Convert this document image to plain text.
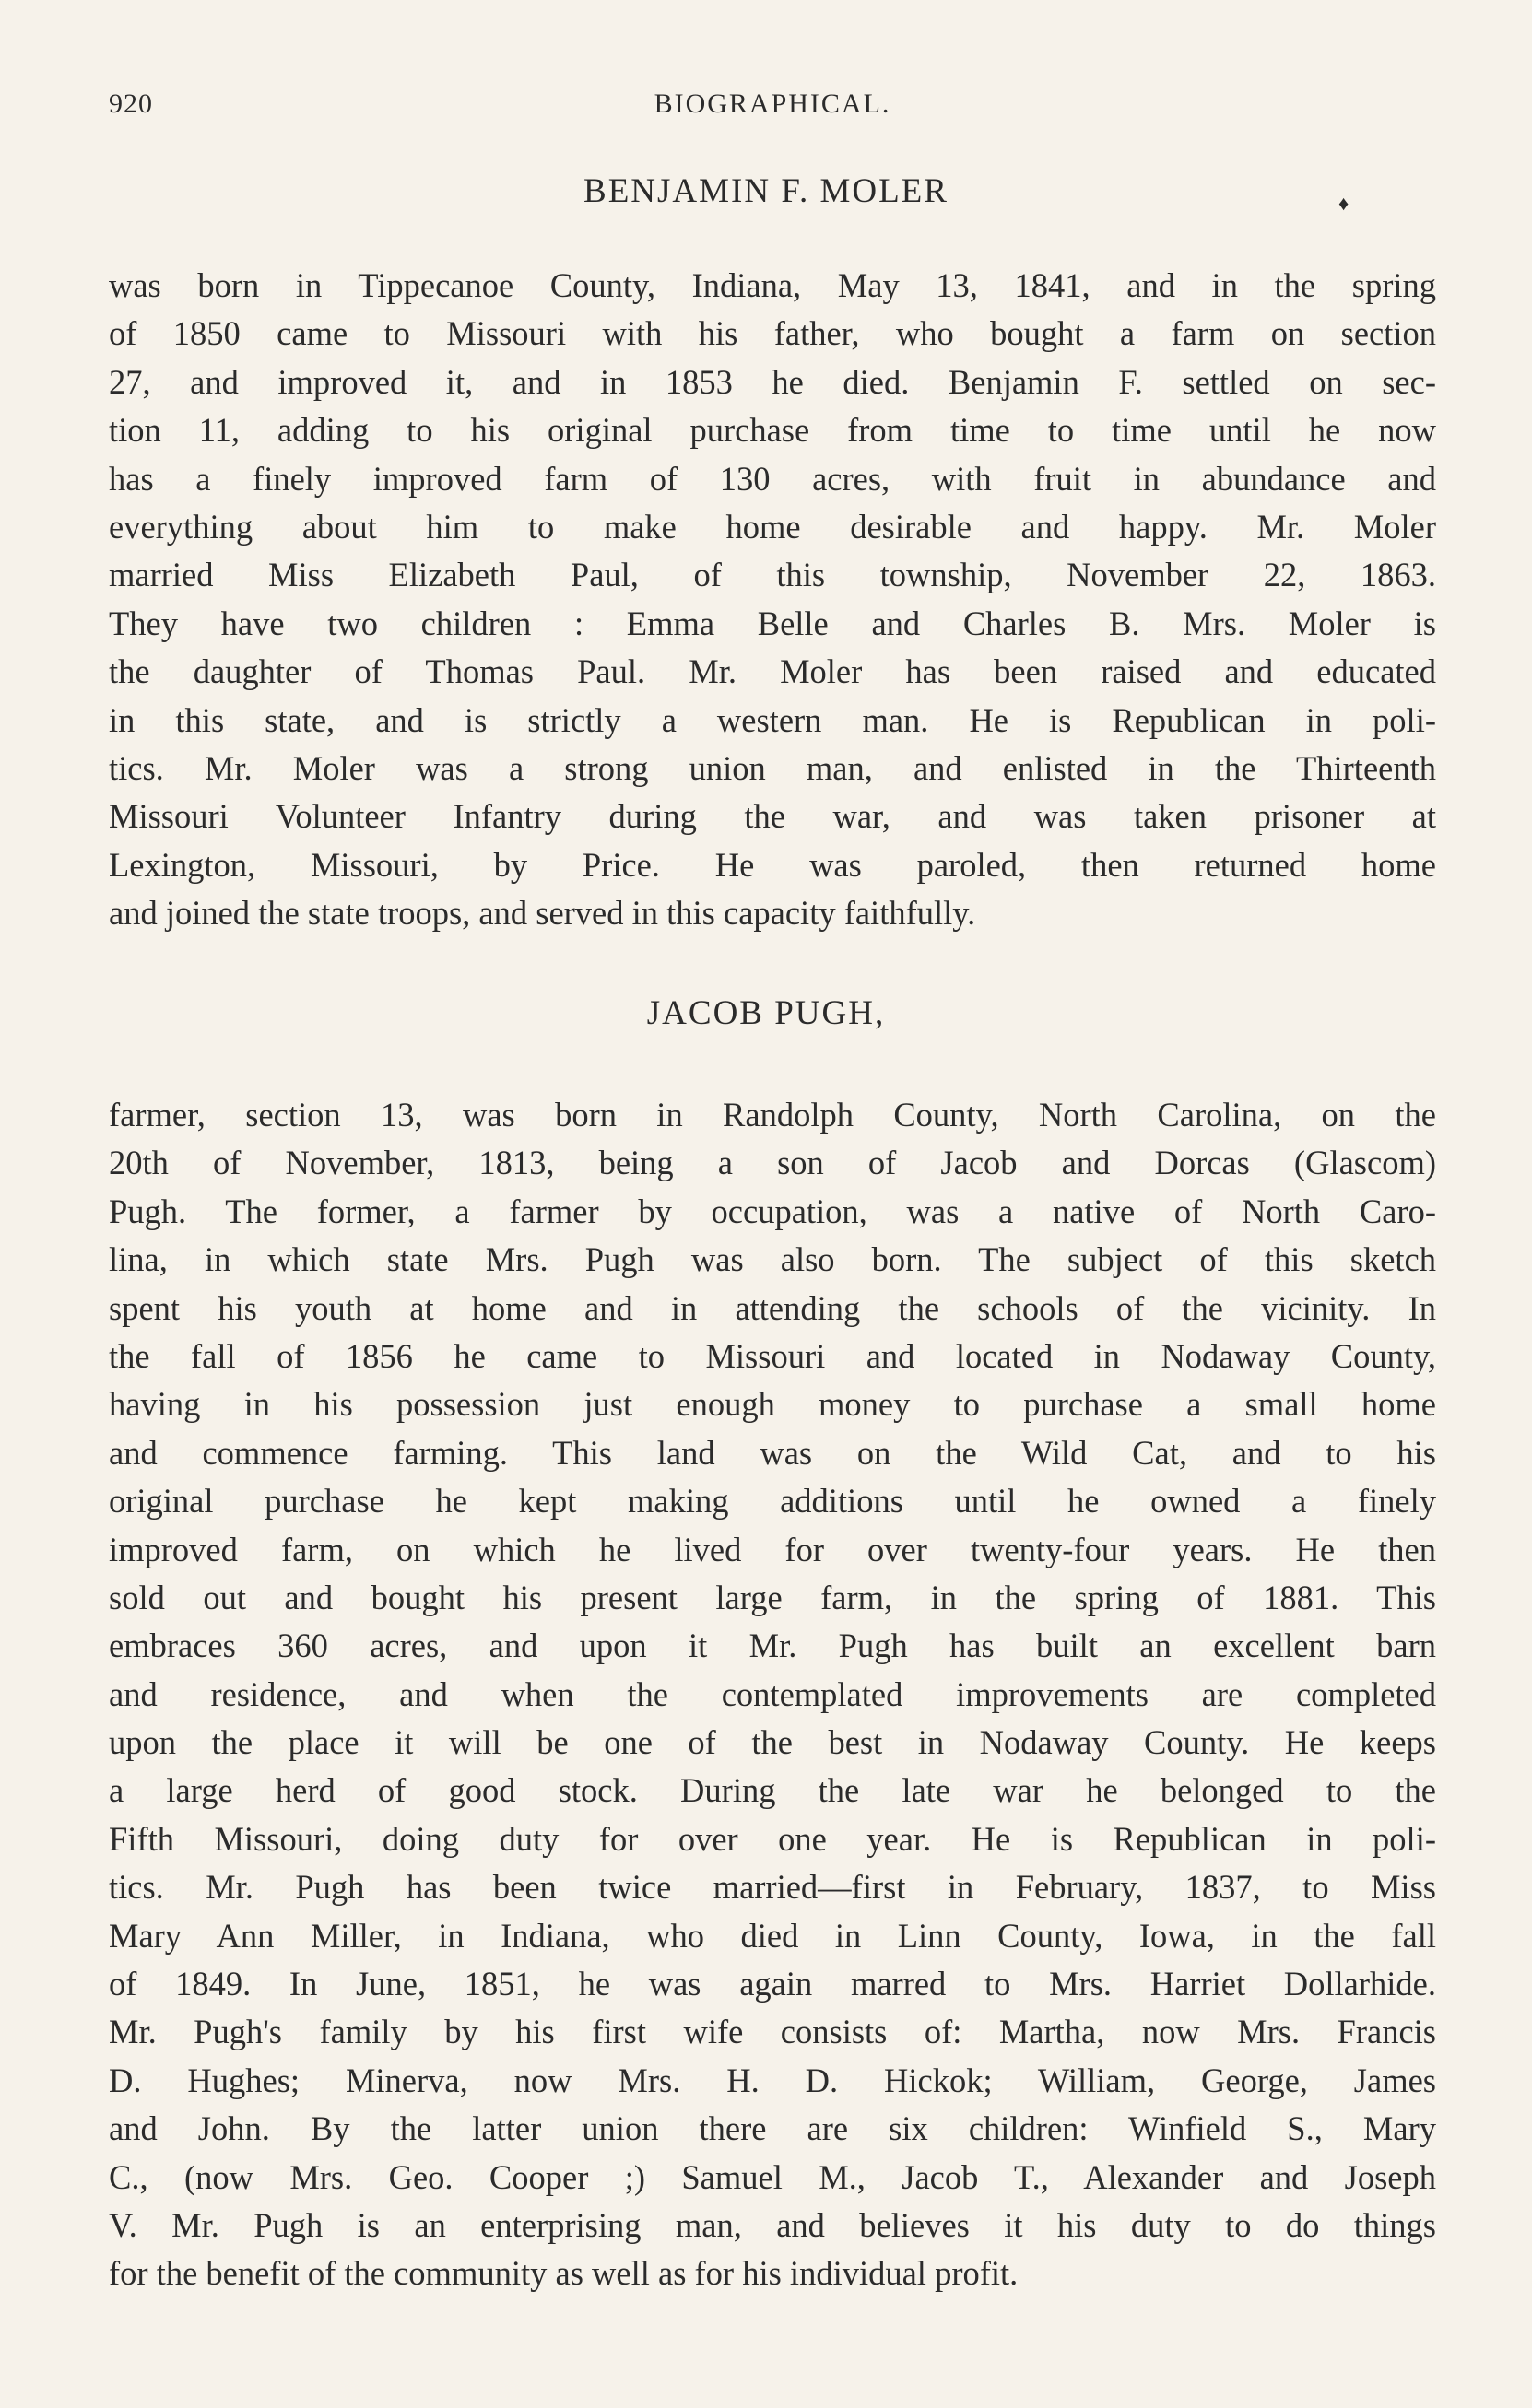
920	BIOGRAPHICAL.
BENJAMIN F. MOLER	♦
was born in Tippecanoe County, Indiana, May 13, 1841, and in the spring
of 1850 came to Missouri with his father, who bought a farm on section
27, and improved it, and in 1853 he died. Benjamin F. settled on sec-
tion 11, adding to his original purchase from time to time until he now
has a finely improved farm of 130 acres, with fruit in abundance and
everything about him to make home desirable and happy. Mr. Moler
married Miss Elizabeth Paul, of this township, November 22, 1863.
They have two children : Emma Belle and Charles B. Mrs. Moler is
the daughter of Thomas Paul. Mr. Moler has been raised and educated
in this state, and is strictly a western man. He is Republican in poli-
tics. Mr. Moler was a strong union man, and enlisted in the Thirteenth
Missouri Volunteer Infantry during the war, and was taken prisoner at
Lexington, Missouri, by Price. He was paroled, then returned home
and joined the state troops, and served in this capacity faithfully.
JACOB PUGH,
farmer, section 13, was born in Randolph County, North Carolina, on the
20th of November, 1813, being a son of Jacob and Dorcas (Glascom)
Pugh. The former, a farmer by occupation, was a native of North Caro-
lina, in which state Mrs. Pugh was also born. The subject of this sketch
spent his youth at home and in attending the schools of the vicinity. In
the fall of 1856 he came to Missouri and located in Nodaway County,
having in his possession just enough money to purchase a small home
and commence farming. This land was on the Wild Cat, and to his
original purchase he kept making additions until he owned a finely
improved farm, on which he lived for over twenty-four years. He then
sold out and bought his present large farm, in the spring of 1881. This
embraces 360 acres, and upon it Mr. Pugh has built an excellent barn
and residence, and when the contemplated improvements are completed
upon the place it will be one of the best in Nodaway County. He keeps
a large herd of good stock. During the late war he belonged to the
Fifth Missouri, doing duty for over one year. He is Republican in poli-
tics. Mr. Pugh has been twice married—first in February, 1837, to Miss
Mary Ann Miller, in Indiana, who died in Linn County, Iowa, in the fall
of 1849. In June, 1851, he was again marred to Mrs. Harriet Dollarhide.
Mr. Pugh's family by his first wife consists of: Martha, now Mrs. Francis
D. Hughes; Minerva, now Mrs. H. D. Hickok; William, George, James
and John. By the latter union there are six children: Winfield S., Mary
C., (now Mrs. Geo. Cooper ;) Samuel M., Jacob T., Alexander and Joseph
V. Mr. Pugh is an enterprising man, and believes it his duty to do things
for the benefit of the community as well as for his individual profit.
